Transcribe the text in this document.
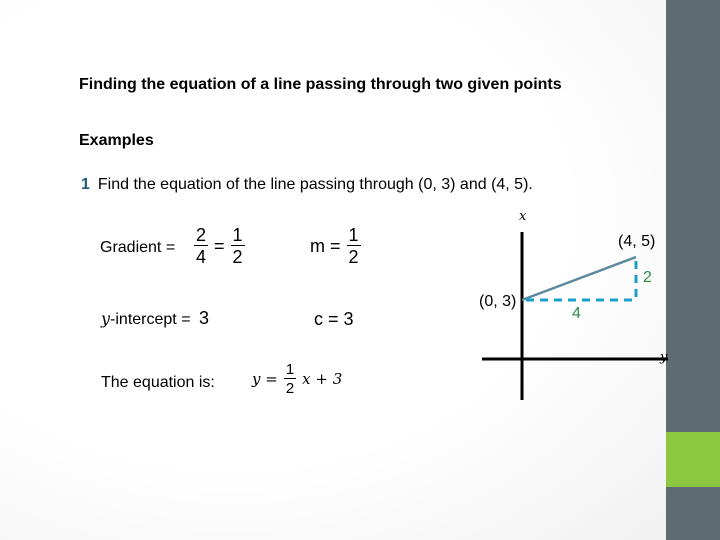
Finding the equation of a line passing through two given points
Examples
1 Find the equation of the line passing through (0, 3) and (4, 5).
Gradient = $\frac{2}{4} = \frac{1}{2}$	$m = \frac{1}{2}$
y-intercept = 3	c = 3
The equation is: $y = \frac{1}{2}$ x + 3
x
y
(4, 5)
(0, 3)
2
4
